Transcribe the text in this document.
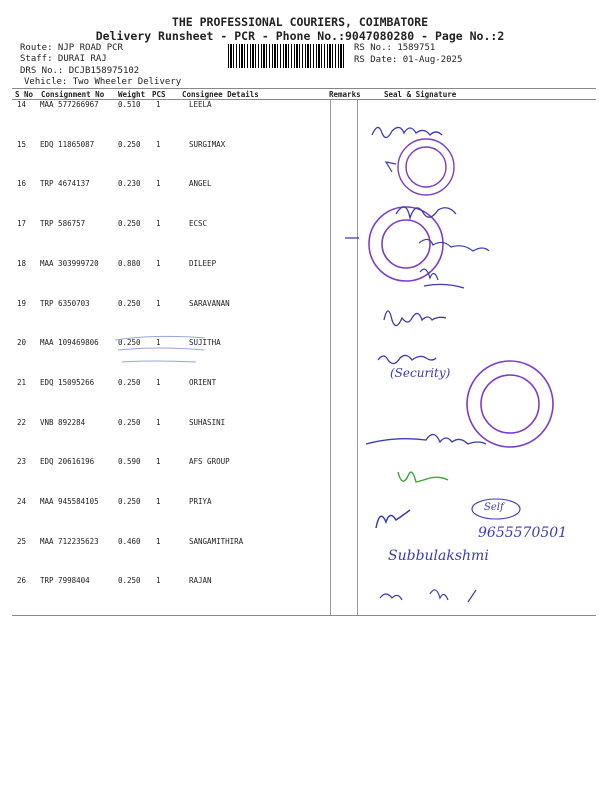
THE PROFESSIONAL COURIERS, COIMBATORE
Delivery Runsheet - PCR - Phone No.:9047080280 - Page No.:2
Route: NJP ROAD PCR
Staff: DURAI RAJ
DRS No.: DCJB158975102
Vehicle: Two Wheeler Delivery
RS No.: 1589751
RS Date: 01-Aug-2025
S No Consignment No Weight PCS Consignee Details	Remarks	Seal & Signature
14 MAA 577266967	0.510 1	LEELA
15 EDQ 11865087	0.250 1	SURGIMAX
16 TRP 4674137	0.230 1	ANGEL
17 TRP 586757	0.250 1	ECSC
18 MAA 303999720	0.880 1	DILEEP
19 TRP 6350703	0.250 1	SARAVANAN
20 MAA 109469806	0.250 1	SUJITHA
21 EDQ 15095266	0.250 1	ORIENT
22 VNB 892284	0.250 1	SUHASINI
23 EDQ 20616196	0.590 1	AFS GROUP
24 MAA 945584105	0.250 1	PRIYA
25 MAA 712235623	0.460 1	SANGAMITHIRA
26 TRP 7998404	0.250 1	RAJAN
Self
9655570501
Subbulakshmi
(Security)
